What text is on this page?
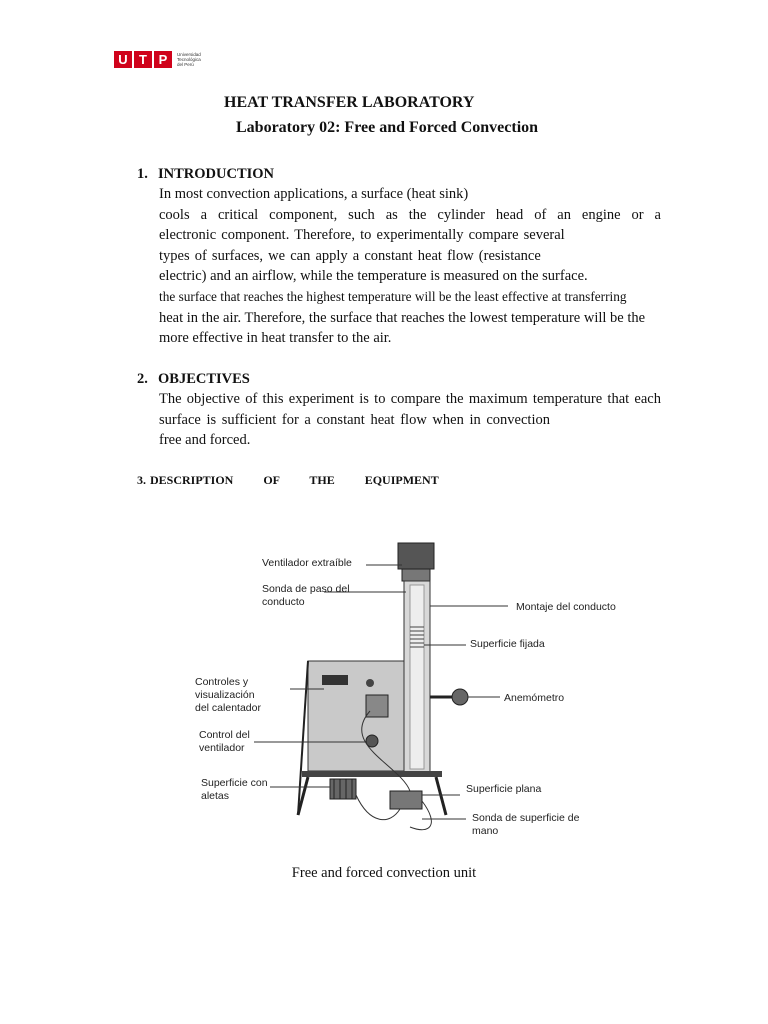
U T P	Universidad Tecnológica del Perú
HEAT TRANSFER LABORATORY
Laboratory 02: Free and Forced Convection
1. INTRODUCTION
In most convection applications, a surface (heat sink)
cools a critical component, such as the cylinder head of an engine or a
electronic component. Therefore, to experimentally compare several
types of surfaces, we can apply a constant heat flow (resistance
electric) and an airflow, while the temperature is measured on the surface.
the surface that reaches the highest temperature will be the least effective at transferring
heat in the air. Therefore, the surface that reaches the lowest temperature will be the
more effective in heat transfer to the air.
2. OBJECTIVES
The objective of this experiment is to compare the maximum temperature that each
surface is sufficient for a constant heat flow when in convection
free and forced.
3. DESCRIPTION   OF   THE   EQUIPMENT
Ventilador extraíble
Sonda de paso del
conducto	Montaje del conducto
Superficie fijada
Controles y
visualización
del calentador
Anemómetro
Control del
ventilador
Superficie con
aletas
Superficie plana
Sonda de superficie de
mano
Free and forced convection unit
